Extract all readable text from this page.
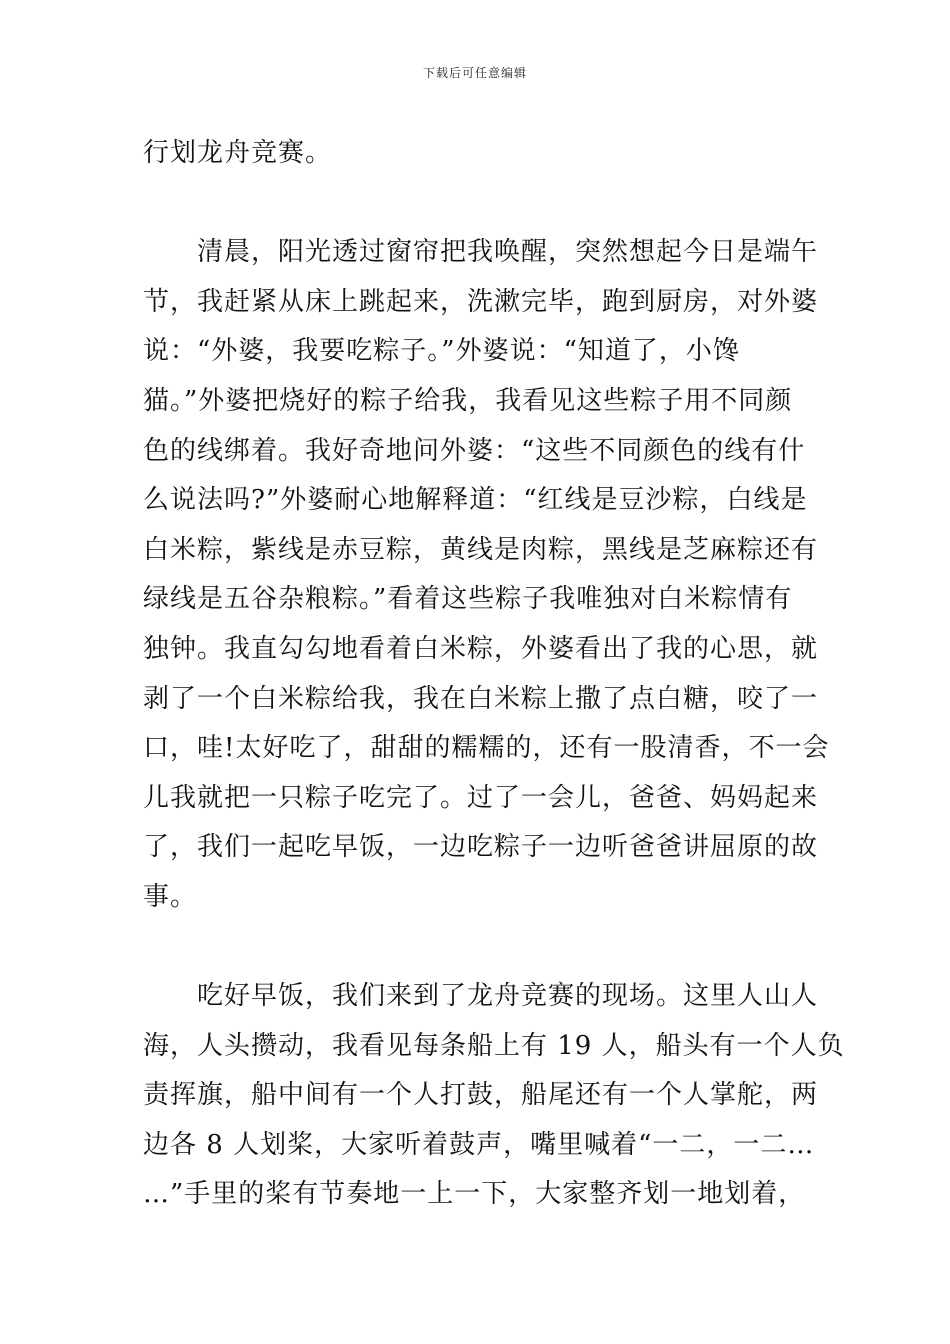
下载后可任意编辑
行划龙舟竞赛。
　　清晨，阳光透过窗帘把我唤醒，突然想起今日是端午
节，我赶紧从床上跳起来，洗漱完毕，跑到厨房，对外婆
说：“外婆，我要吃粽子。”外婆说：“知道了，小馋
猫。”外婆把烧好的粽子给我，我看见这些粽子用不同颜
色的线绑着。我好奇地问外婆：“这些不同颜色的线有什
么说法吗?”外婆耐心地解释道：“红线是豆沙粽，白线是
白米粽，紫线是赤豆粽，黄线是肉粽，黑线是芝麻粽还有
绿线是五谷杂粮粽。”看着这些粽子我唯独对白米粽情有
独钟。我直勾勾地看着白米粽，外婆看出了我的心思，就
剥了一个白米粽给我，我在白米粽上撒了点白糖，咬了一
口，哇!太好吃了，甜甜的糯糯的，还有一股清香，不一会
儿我就把一只粽子吃完了。过了一会儿，爸爸、妈妈起来
了，我们一起吃早饭，一边吃粽子一边听爸爸讲屈原的故
事。
　　吃好早饭，我们来到了龙舟竞赛的现场。这里人山人
海，人头攒动，我看见每条船上有 19 人，船头有一个人负
责挥旗，船中间有一个人打鼓，船尾还有一个人掌舵，两
边各 8 人划桨，大家听着鼓声，嘴里喊着“一二，一二…
…”手里的桨有节奏地一上一下，大家整齐划一地划着，
